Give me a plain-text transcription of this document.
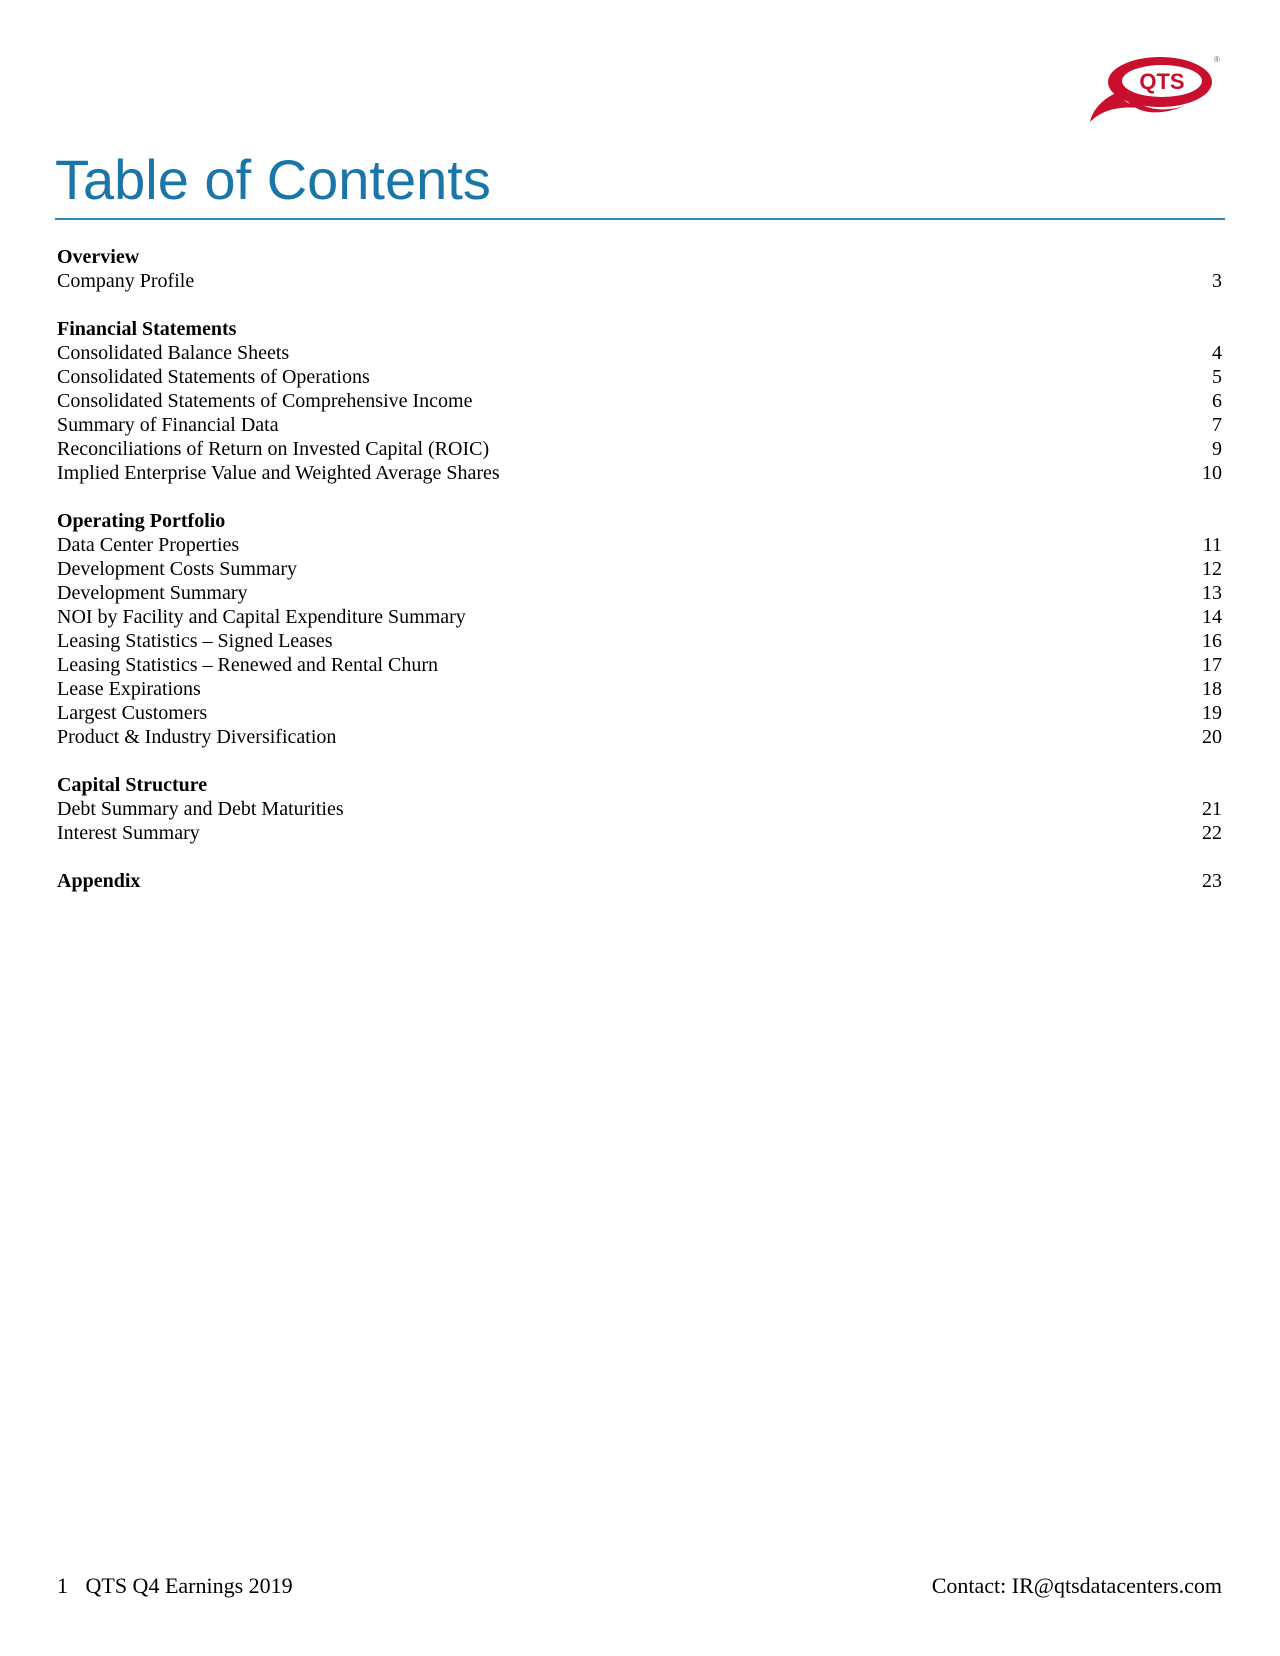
QTS
®
Table of Contents
Overview
Company Profile	3
Financial Statements
Consolidated Balance Sheets	4
Consolidated Statements of Operations	5
Consolidated Statements of Comprehensive Income	6
Summary of Financial Data	7
Reconciliations of Return on Invested Capital (ROIC)	9
Implied Enterprise Value and Weighted Average Shares	10
Operating Portfolio
Data Center Properties	11
Development Costs Summary	12
Development Summary	13
NOI by Facility and Capital Expenditure Summary	14
Leasing Statistics – Signed Leases	16
Leasing Statistics – Renewed and Rental Churn	17
Lease Expirations	18
Largest Customers	19
Product & Industry Diversification	20
Capital Structure
Debt Summary and Debt Maturities	21
Interest Summary	22
Appendix	23
1 QTS Q4 Earnings 2019	Contact: IR@qtsdatacenters.com
